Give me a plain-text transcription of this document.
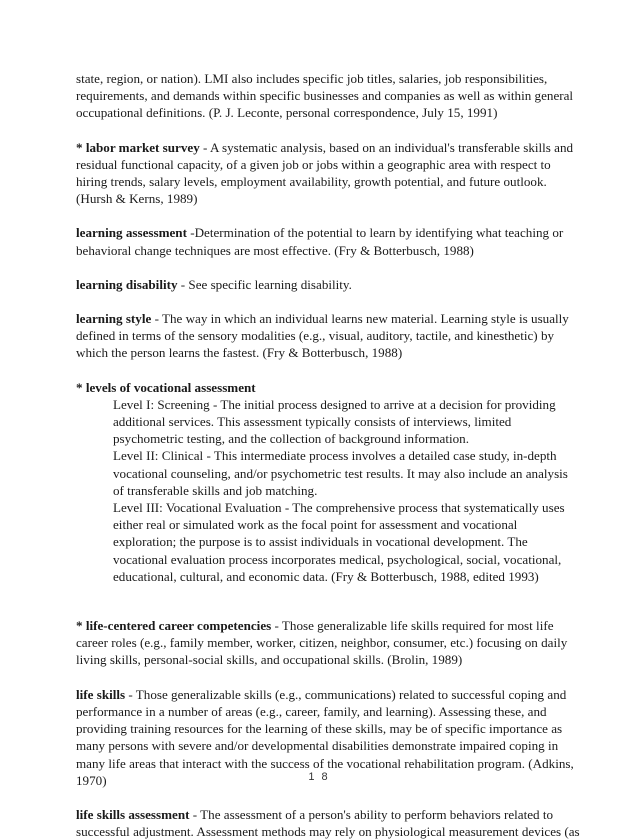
state, region, or nation). LMI also includes specific job titles, salaries, job responsibilities, requirements, and demands within specific businesses and companies as well as within general occupational definitions. (P. J. Leconte, personal correspondence, July 15, 1991)

* labor market survey - A systematic analysis, based on an individual's transferable skills and residual functional capacity, of a given job or jobs within a geographic area with respect to hiring trends, salary levels, employment availability, growth potential, and future outlook. (Hursh & Kerns, 1989)

learning assessment -Determination of the potential to learn by identifying what teaching or behavioral change techniques are most effective. (Fry & Botterbusch, 1988)

learning disability - See specific learning disability.

learning style - The way in which an individual learns new material. Learning style is usually defined in terms of the sensory modalities (e.g., visual, auditory, tactile, and kinesthetic) by which the person learns the fastest. (Fry & Botterbusch, 1988)

* levels of vocational assessment
Level I: Screening - The initial process designed to arrive at a decision for providing additional services. This assessment typically consists of interviews, limited psychometric testing, and the collection of background information.
Level II: Clinical - This intermediate process involves a detailed case study, in-depth vocational counseling, and/or psychometric test results. It may also include an analysis of transferable skills and job matching.
Level III: Vocational Evaluation - The comprehensive process that systematically uses either real or simulated work as the focal point for assessment and vocational exploration; the purpose is to assist individuals in vocational development. The vocational evaluation process incorporates medical, psychological, social, vocational, educational, cultural, and economic data. (Fry & Botterbusch, 1988, edited 1993)

* life-centered career competencies - Those generalizable life skills required for most life career roles (e.g., family member, worker, citizen, neighbor, consumer, etc.) focusing on daily living skills, personal-social skills, and occupational skills. (Brolin, 1989)

life skills - Those generalizable skills (e.g., communications) related to successful coping and performance in a number of areas (e.g., career, family, and learning). Assessing these, and providing training resources for the learning of these skills, may be of specific importance as many persons with severe and/or developmental disabilities demonstrate impaired coping in many life areas that interact with the success of the vocational rehabilitation program. (Adkins, 1970)

life skills assessment - The assessment of a person's ability to perform behaviors related to successful adjustment. Assessment methods may rely on physiological measurement devices (as

1 8
